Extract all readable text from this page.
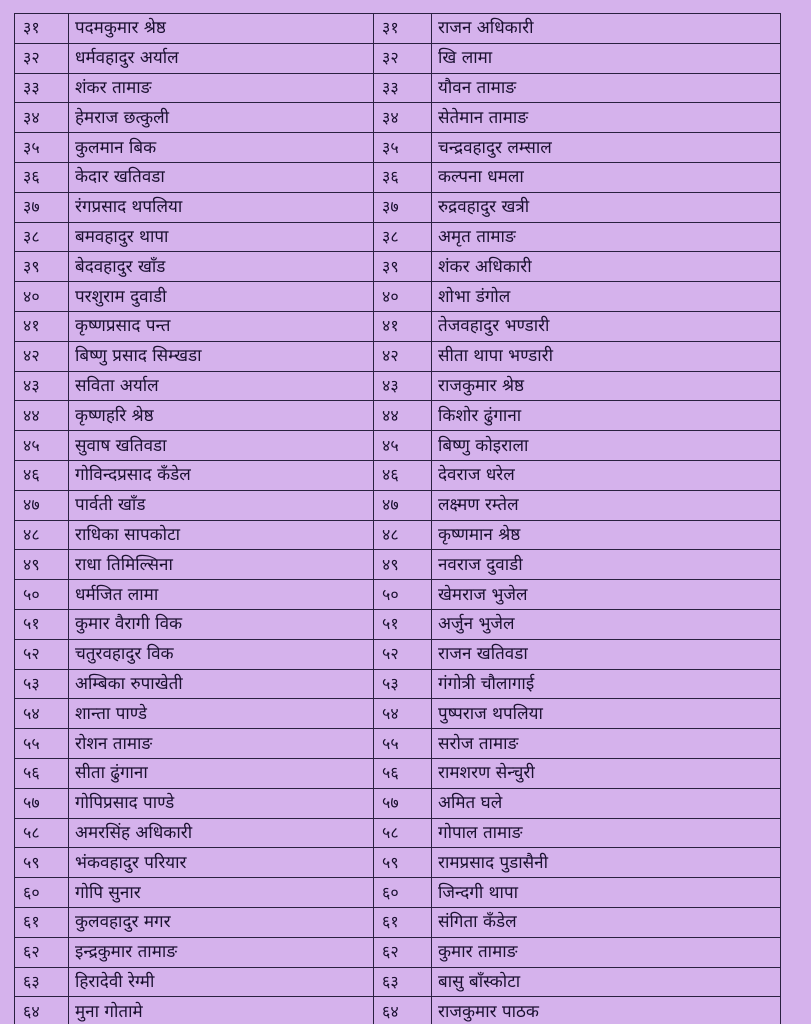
३१	पदमकुमार श्रेष्ठ	३१	राजन अधिकारी
३२	धर्मवहादुर अर्याल	३२	खि लामा
३३	शंकर तामाङ	३३	यौवन तामाङ
३४	हेमराज छत्कुली	३४	सेतेमान तामाङ
३५	कुलमान बिक	३५	चन्द्रवहादुर लम्साल
३६	केदार खतिवडा	३६	कल्पना धमला
३७	रंगप्रसाद थपलिया	३७	रुद्रवहादुर खत्री
३८	बमवहादुर थापा	३८	अमृत तामाङ
३९	बेदवहादुर खाँड	३९	शंकर अधिकारी
४०	परशुराम दुवाडी	४०	शोभा डंगोल
४१	कृष्णप्रसाद पन्त	४१	तेजवहादुर भण्डारी
४२	बिष्णु प्रसाद सिम्खडा	४२	सीता थापा भण्डारी
४३	सविता अर्याल	४३	राजकुमार श्रेष्ठ
४४	कृष्णहरि श्रेष्ठ	४४	किशोर ढुंगाना
४५	सुवाष खतिवडा	४५	बिष्णु कोइराला
४६	गोविन्दप्रसाद कँडेल	४६	देवराज धरेल
४७	पार्वती खाँड	४७	लक्ष्मण रम्तेल
४८	राधिका सापकोटा	४८	कृष्णमान श्रेष्ठ
४९	राधा तिमिल्सिना	४९	नवराज दुवाडी
५०	धर्मजित लामा	५०	खेमराज भुजेल
५१	कुमार वैरागी विक	५१	अर्जुन भुजेल
५२	चतुरवहादुर विक	५२	राजन खतिवडा
५३	अम्बिका रुपाखेती	५३	गंगोत्री चौलागाई
५४	शान्ता पाण्डे	५४	पुष्पराज थपलिया
५५	रोशन तामाङ	५५	सरोज तामाङ
५६	सीता ढुंगाना	५६	रामशरण सेन्चुरी
५७	गोपिप्रसाद पाण्डे	५७	अमित घले
५८	अमरसिंह अधिकारी	५८	गोपाल तामाङ
५९	भंकवहादुर परियार	५९	रामप्रसाद पुडासैनी
६०	गोपि सुनार	६०	जिन्दगी थापा
६१	कुलवहादुर मगर	६१	संगिता कँडेल
६२	इन्द्रकुमार तामाङ	६२	कुमार तामाङ
६३	हिरादेवी रेग्मी	६३	बासु बाँस्कोटा
६४	मुना गोतामे	६४	राजकुमार पाठक
